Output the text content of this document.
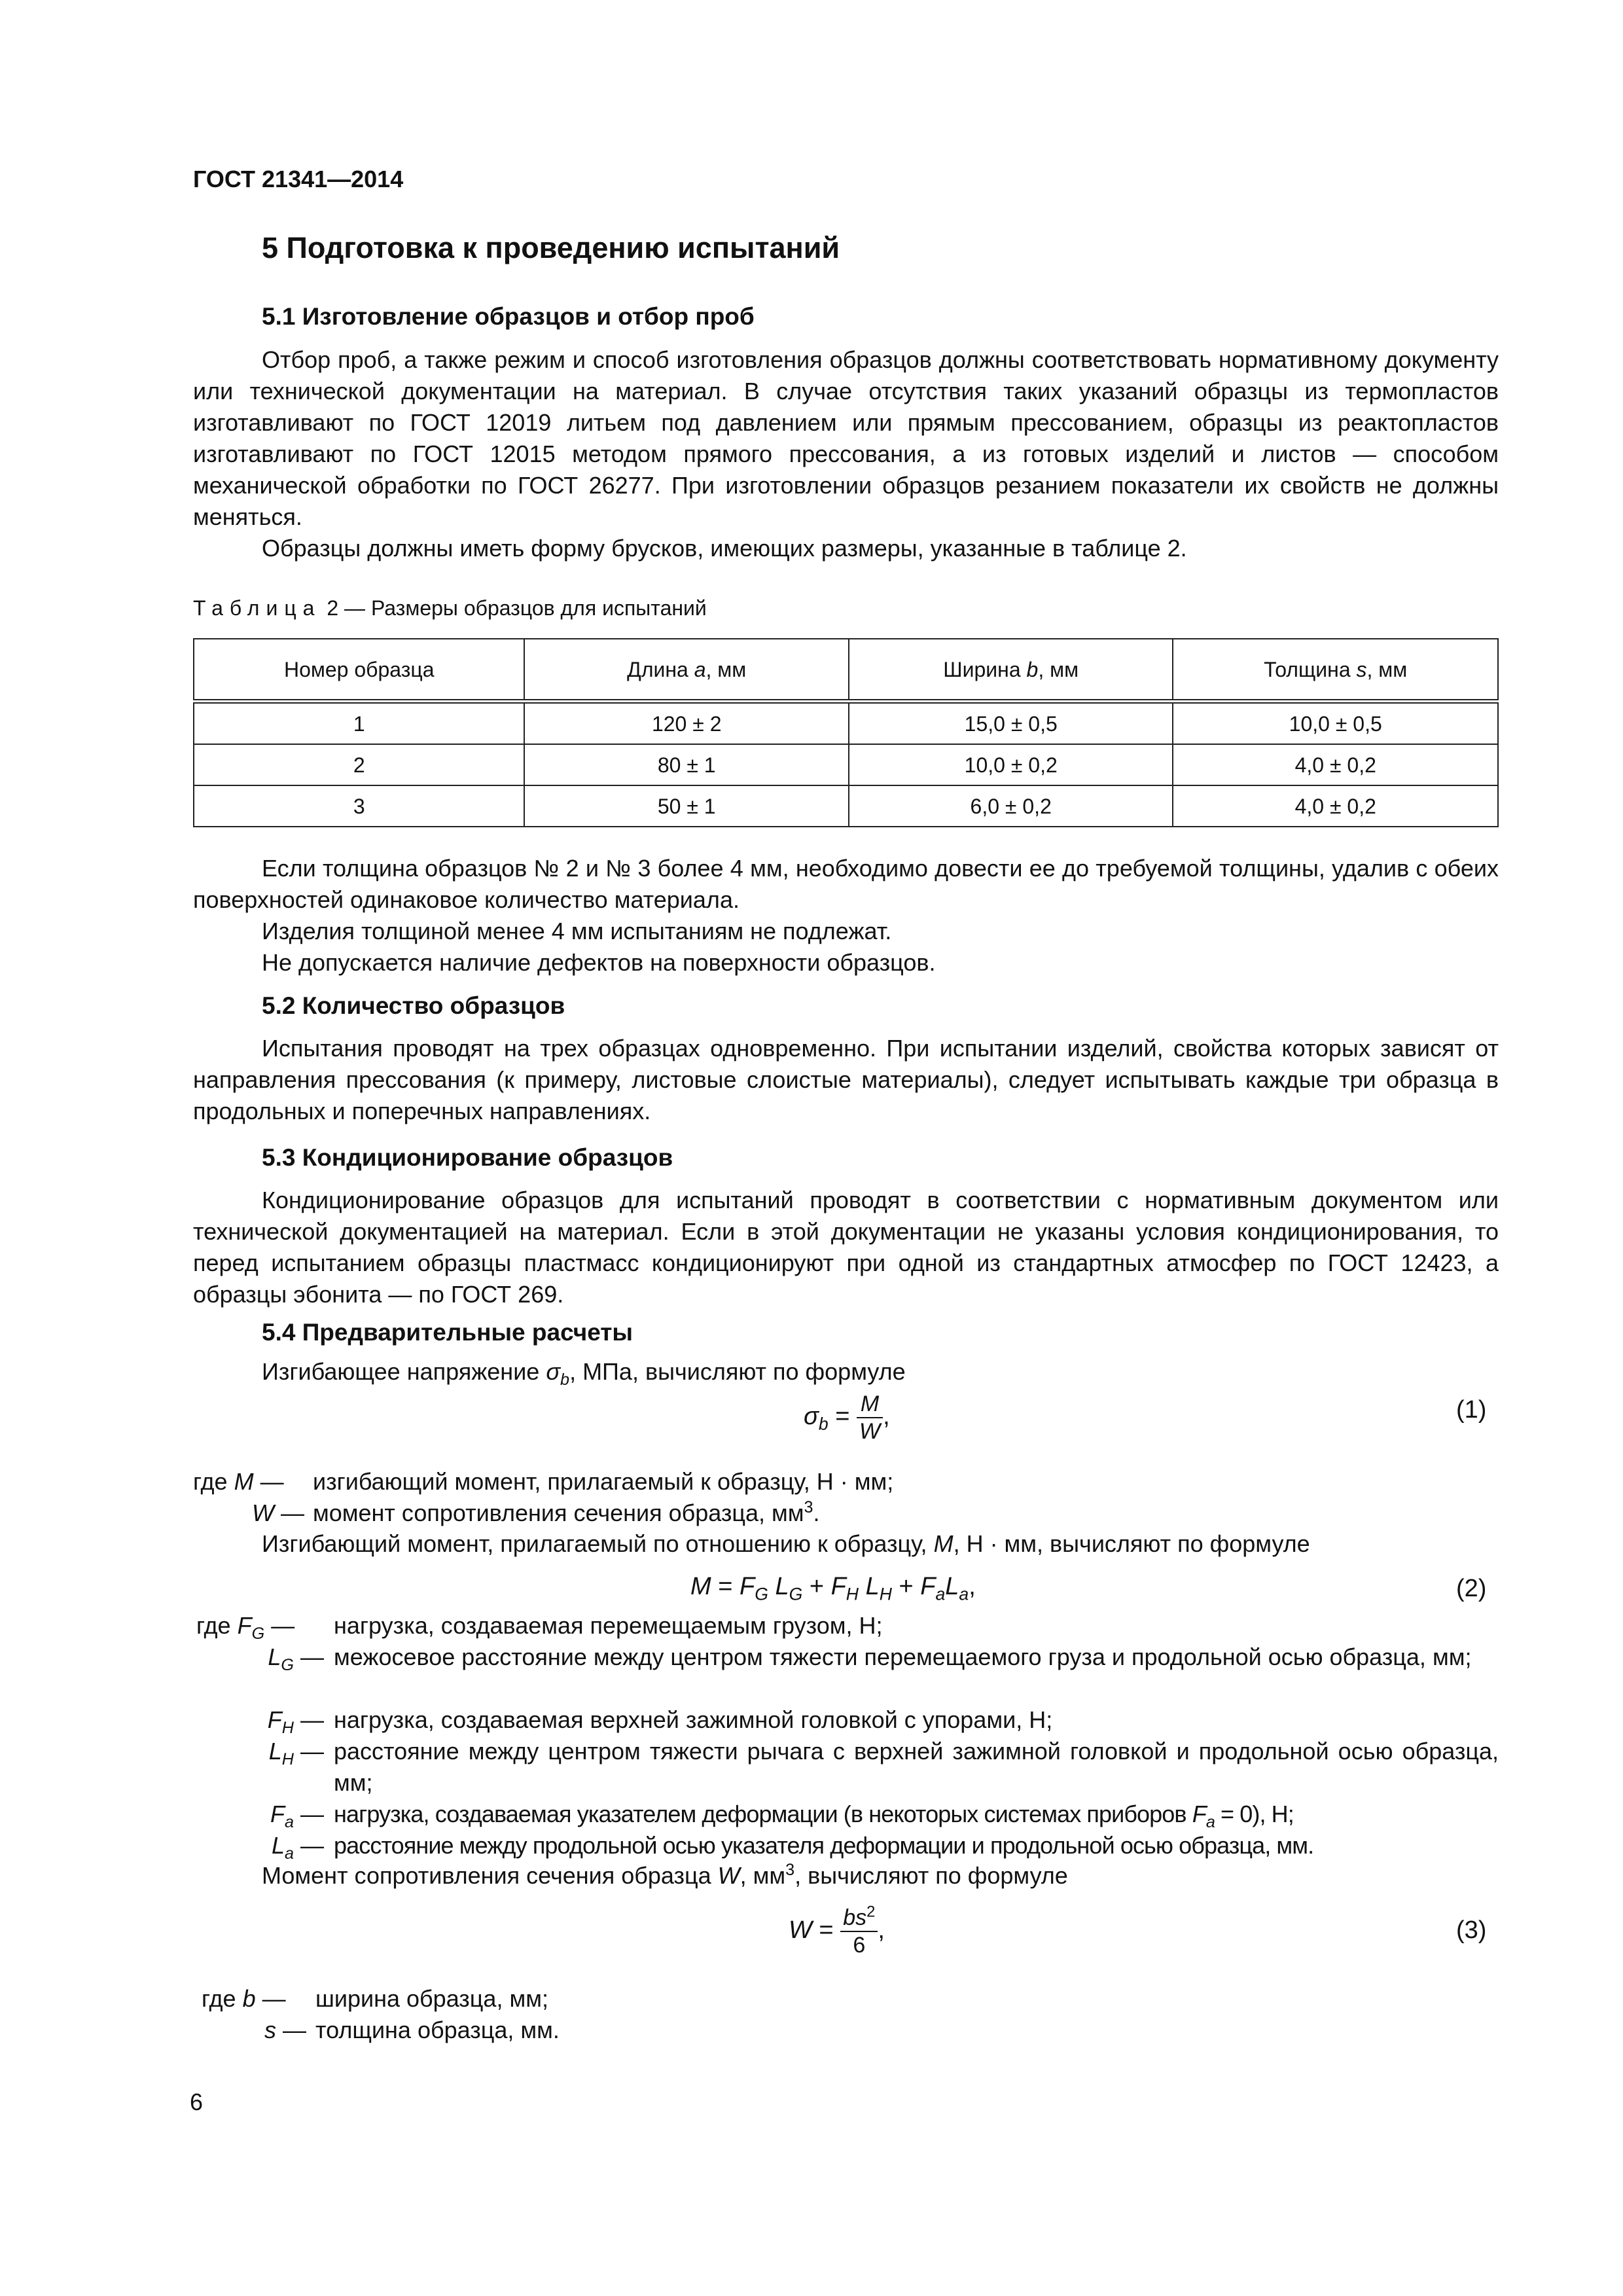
ГОСТ 21341—2014
5 Подготовка к проведению испытаний
5.1 Изготовление образцов и отбор проб

Отбор проб, а также режим и способ изготовления образцов должны соответствовать нормативному документу или технической документации на материал. В случае отсутствия таких указаний образцы из термопластов изготавливают по ГОСТ 12019 литьем под давлением или прямым прессованием, образцы из реактопластов изготавливают по ГОСТ 12015 методом прямого прессования, а из готовых изделий и листов — способом механической обработки по ГОСТ 26277. При изготовлении образцов резанием показатели их свойств не должны меняться.

Образцы должны иметь форму брусков, имеющих размеры, указанные в таблице 2.

Таблица 2 — Размеры образцов для испытаний
Номер образца	Длина a, мм	Ширина b, мм	Толщина s, мм
1	120 ± 2	15,0 ± 0,5	10,0 ± 0,5
2	80 ± 1	10,0 ± 0,2	4,0 ± 0,2
3	50 ± 1	6,0 ± 0,2	4,0 ± 0,2

Если толщина образцов № 2 и № 3 более 4 мм, необходимо довести ее до требуемой толщины, удалив с обеих поверхностей одинаковое количество материала.

Изделия толщиной менее 4 мм испытаниям не подлежат.

Не допускается наличие дефектов на поверхности образцов.

5.2 Количество образцов

Испытания проводят на трех образцах одновременно. При испытании изделий, свойства которых зависят от направления прессования (к примеру, листовые слоистые материалы), следует испытывать каждые три образца в продольных и поперечных направлениях.

5.3 Кондиционирование образцов

Кондиционирование образцов для испытаний проводят в соответствии с нормативным документом или технической документацией на материал. Если в этой документации не указаны условия кондиционирования, то перед испытанием образцы пластмасс кондиционируют при одной из стандартных атмосфер по ГОСТ 12423, а образцы эбонита — по ГОСТ 269.

5.4 Предварительные расчеты
Изгибающее напряжение $\sigma_b$, МПа, вычисляют по формуле
$\sigma_b = \frac{M}{W}$ ,	(1)
где M — изгибающий момент, прилагаемый к образцу, Н · мм;
W — момент сопротивления сечения образца, $мм^3$.
Изгибающий момент, прилагаемый по отношению к образцу, M, Н · мм, вычисляют по формуле
$M = F_G$ $L_G + F_H$ $L_H + F_aL_a$,	(2)
где $F_G$ —	нагрузка, создаваемая перемещаемым грузом, Н;
$L_G$ — межосевое расстояние между центром тяжести перемещаемого груза и продольной осью образца, мм;
$F_H$ — нагрузка, создаваемая верхней зажимной головкой с упорами, Н;
$L_H$ — расстояние между центром тяжести рычага с верхней зажимной головкой и продольной осью образца, мм;
$F_a$ — нагрузка, создаваемая указателем деформации (в некоторых системах приборов $F_a = 0$), Н;
$L_a$ — расстояние между продольной осью указателя деформации и продольной осью образца, мм.
Момент сопротивления сечения образца W, $мм^3$, вычисляют по формуле
$W = \frac{bs^2}{6}$ ,	(3)
где b —	ширина образца, мм;
s — толщина образца, мм.
6
